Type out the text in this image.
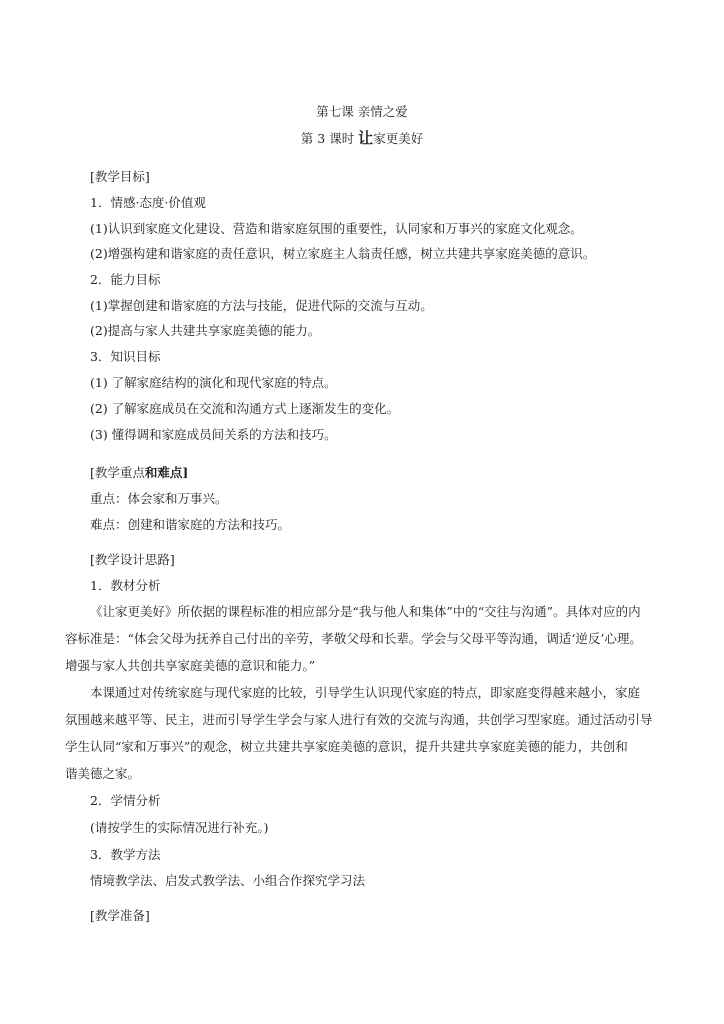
第七课 亲情之爱
第 3 课时 让家更美好
[教学目标]
1．情感·态度·价值观
(1)认识到家庭文化建设、营造和谐家庭氛围的重要性，认同家和万事兴的家庭文化观念。
(2)增强构建和谐家庭的责任意识，树立家庭主人翁责任感，树立共建共享家庭美德的意识。
2．能力目标
(1)掌握创建和谐家庭的方法与技能，促进代际的交流与互动。
(2)提高与家人共建共享家庭美德的能力。
3．知识目标
(1) 了解家庭结构的演化和现代家庭的特点。
(2) 了解家庭成员在交流和沟通方式上逐渐发生的变化。
(3) 懂得调和家庭成员间关系的方法和技巧。
[教学重点和难点]
重点：体会家和万事兴。
难点：创建和谐家庭的方法和技巧。
[教学设计思路]
1．教材分析
《让家更美好》所依据的课程标准的相应部分是“我与他人和集体”中的“交往与沟通”。具体对应的内
容标准是：“体会父母为抚养自己付出的辛劳，孝敬父母和长辈。学会与父母平等沟通，调适‘逆反’心理。
增强与家人共创共享家庭美德的意识和能力。”
本课通过对传统家庭与现代家庭的比较，引导学生认识现代家庭的特点，即家庭变得越来越小，家庭
氛围越来越平等、民主，进而引导学生学会与家人进行有效的交流与沟通，共创学习型家庭。通过活动引导
学生认同“家和万事兴”的观念，树立共建共享家庭美德的意识，提升共建共享家庭美德的能力，共创和
谐美德之家。
2．学情分析
(请按学生的实际情况进行补充。)
3．教学方法
情境教学法、启发式教学法、小组合作探究学习法
[教学准备]
